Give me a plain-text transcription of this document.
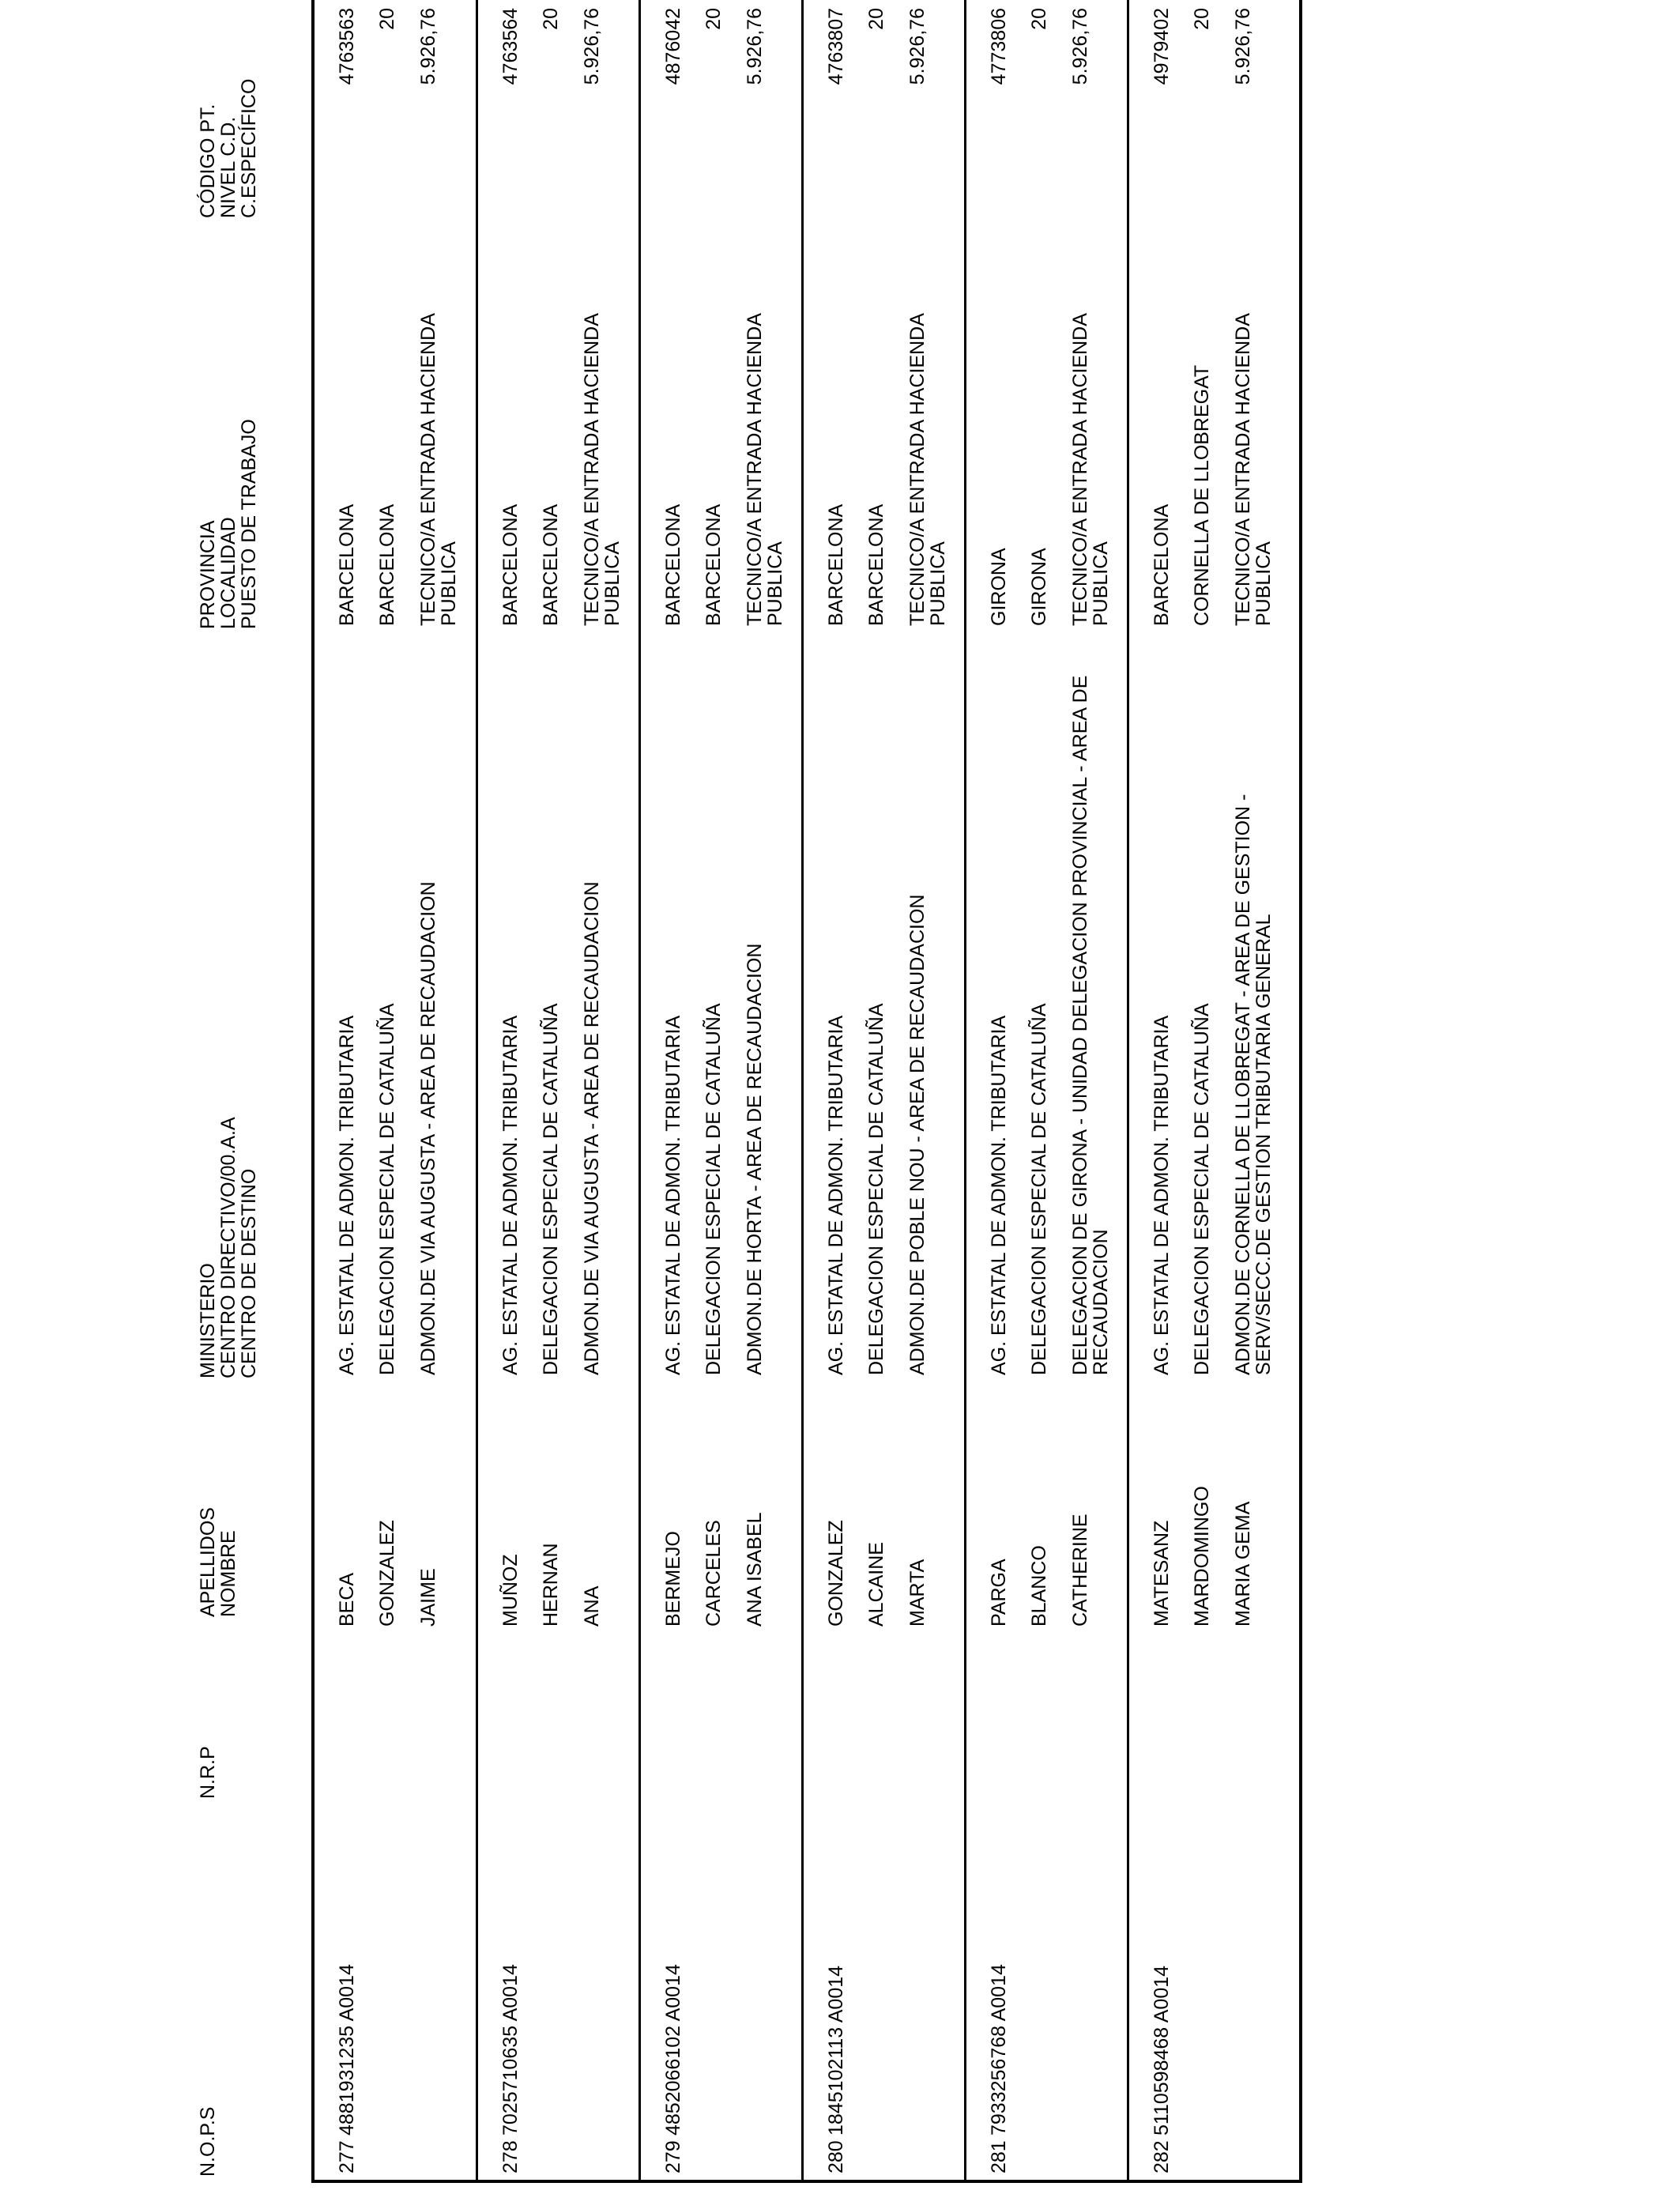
N.O.P.S
N.R.P
APELLIDOS
NOMBRE
MINISTERIO
CENTRO DIRECTIVO/00.A.A
CENTRO DE DESTINO
PROVINCIA
LOCALIDAD
PUESTO DE TRABAJO
CÓDIGO PT.
NIVEL C.D.
C.ESPECÍFICO
277
4881931235 A0014
BECA GONZALEZ JAIME
AG. ESTATAL DE ADMON. TRIBUTARIA DELEGACION ESPECIAL DE CATALUÑA ADMON.DE VIA AUGUSTA - AREA DE RECAUDACION
BARCELONA BARCELONA TECNICO/A ENTRADA HACIENDA
PUBLICA
4763563 20 5.926,76
278
7025710635 A0014
MUÑOZ HERNAN ANA
AG. ESTATAL DE ADMON. TRIBUTARIA DELEGACION ESPECIAL DE CATALUÑA ADMON.DE VIA AUGUSTA - AREA DE RECAUDACION
BARCELONA BARCELONA TECNICO/A ENTRADA HACIENDA
PUBLICA
4763564 20 5.926,76
279
4852066102 A0014
BERMEJO CARCELES ANA ISABEL
AG. ESTATAL DE ADMON. TRIBUTARIA DELEGACION ESPECIAL DE CATALUÑA ADMON.DE HORTA - AREA DE RECAUDACION
BARCELONA BARCELONA TECNICO/A ENTRADA HACIENDA
PUBLICA
4876042 20 5.926,76
280
1845102113 A0014
GONZALEZ ALCAINE MARTA
AG. ESTATAL DE ADMON. TRIBUTARIA DELEGACION ESPECIAL DE CATALUÑA ADMON.DE POBLE NOU - AREA DE RECAUDACION
BARCELONA BARCELONA TECNICO/A ENTRADA HACIENDA
PUBLICA
4763807 20 5.926,76
281
7933256768 A0014
PARGA BLANCO CATHERINE
AG. ESTATAL DE ADMON. TRIBUTARIA DELEGACION ESPECIAL DE CATALUÑA DELEGACION DE GIRONA - UNIDAD DELEGACION PROVINCIAL - AREA DE
RECAUDACION
GIRONA GIRONA TECNICO/A ENTRADA HACIENDA
PUBLICA
4773806 20 5.926,76
282
5110598468 A0014
MATESANZ MARDOMINGO MARIA GEMA
AG. ESTATAL DE ADMON. TRIBUTARIA DELEGACION ESPECIAL DE CATALUÑA ADMON.DE CORNELLA DE LLOBREGAT - AREA DE GESTION -
SERV/SECC.DE GESTION TRIBUTARIA GENERAL
BARCELONA CORNELLA DE LLOBREGAT TECNICO/A ENTRADA HACIENDA
PUBLICA
4979402 20 5.926,76
